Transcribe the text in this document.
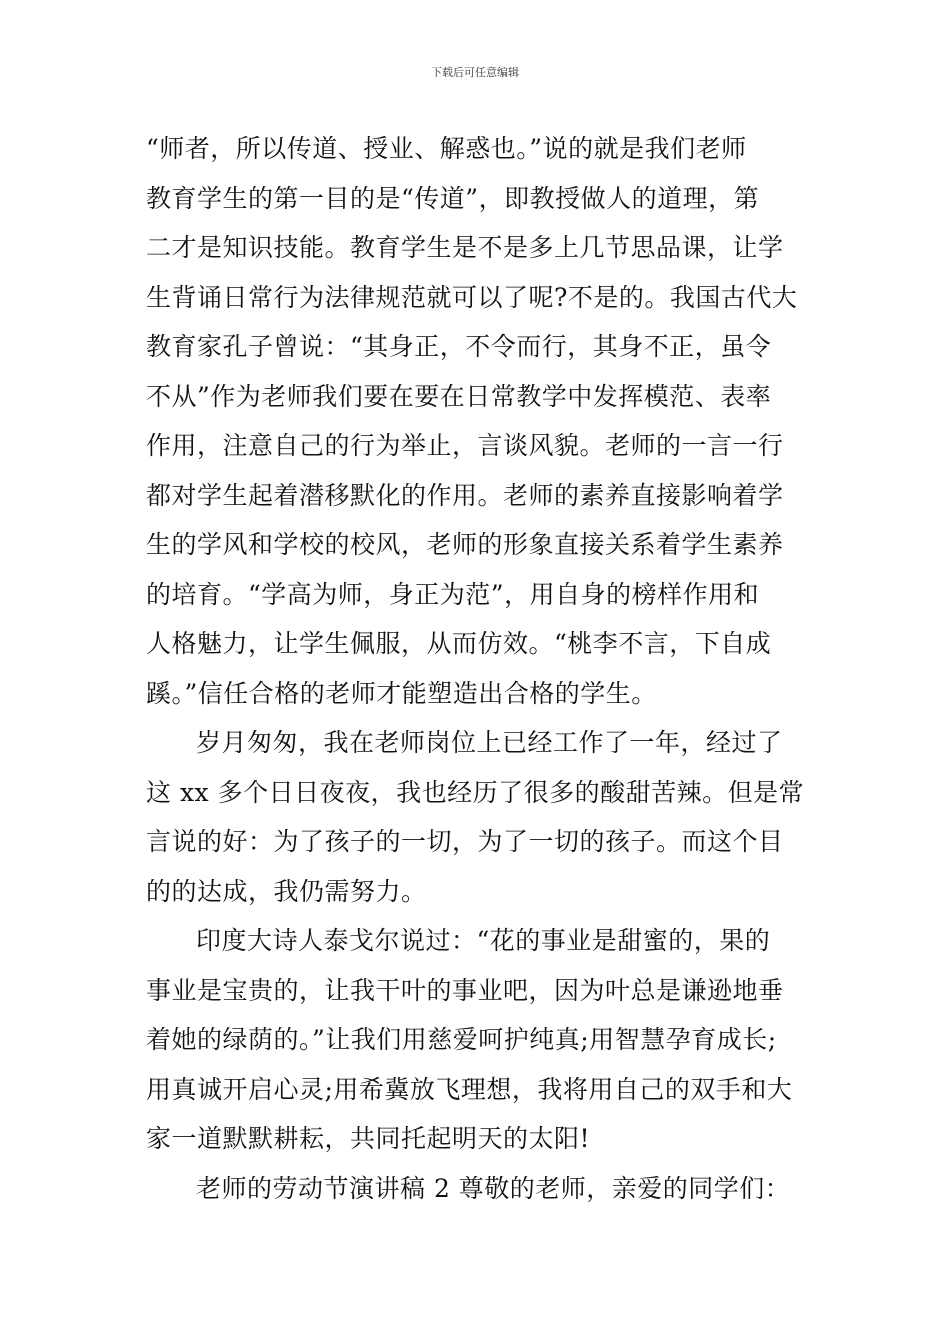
下载后可任意编辑
“师者，所以传道、授业、解惑也。”说的就是我们老师
教育学生的第一目的是“传道”，即教授做人的道理，第
二才是知识技能。教育学生是不是多上几节思品课，让学
生背诵日常行为法律规范就可以了呢?不是的。我国古代大
教育家孔子曾说：“其身正，不令而行，其身不正，虽令
不从”作为老师我们要在要在日常教学中发挥模范、表率
作用，注意自己的行为举止，言谈风貌。老师的一言一行
都对学生起着潜移默化的作用。老师的素养直接影响着学
生的学风和学校的校风，老师的形象直接关系着学生素养
的培育。“学高为师，身正为范”，用自身的榜样作用和
人格魅力，让学生佩服，从而仿效。“桃李不言，下自成
蹊。”信任合格的老师才能塑造出合格的学生。
岁月匆匆，我在老师岗位上已经工作了一年，经过了
这 xx 多个日日夜夜，我也经历了很多的酸甜苦辣。但是常
言说的好：为了孩子的一切，为了一切的孩子。而这个目
的的达成，我仍需努力。
印度大诗人泰戈尔说过：“花的事业是甜蜜的，果的
事业是宝贵的，让我干叶的事业吧，因为叶总是谦逊地垂
着她的绿荫的。”让我们用慈爱呵护纯真;用智慧孕育成长;
用真诚开启心灵;用希冀放飞理想，我将用自己的双手和大
家一道默默耕耘，共同托起明天的太阳!
老师的劳动节演讲稿 2 尊敬的老师，亲爱的同学们：
